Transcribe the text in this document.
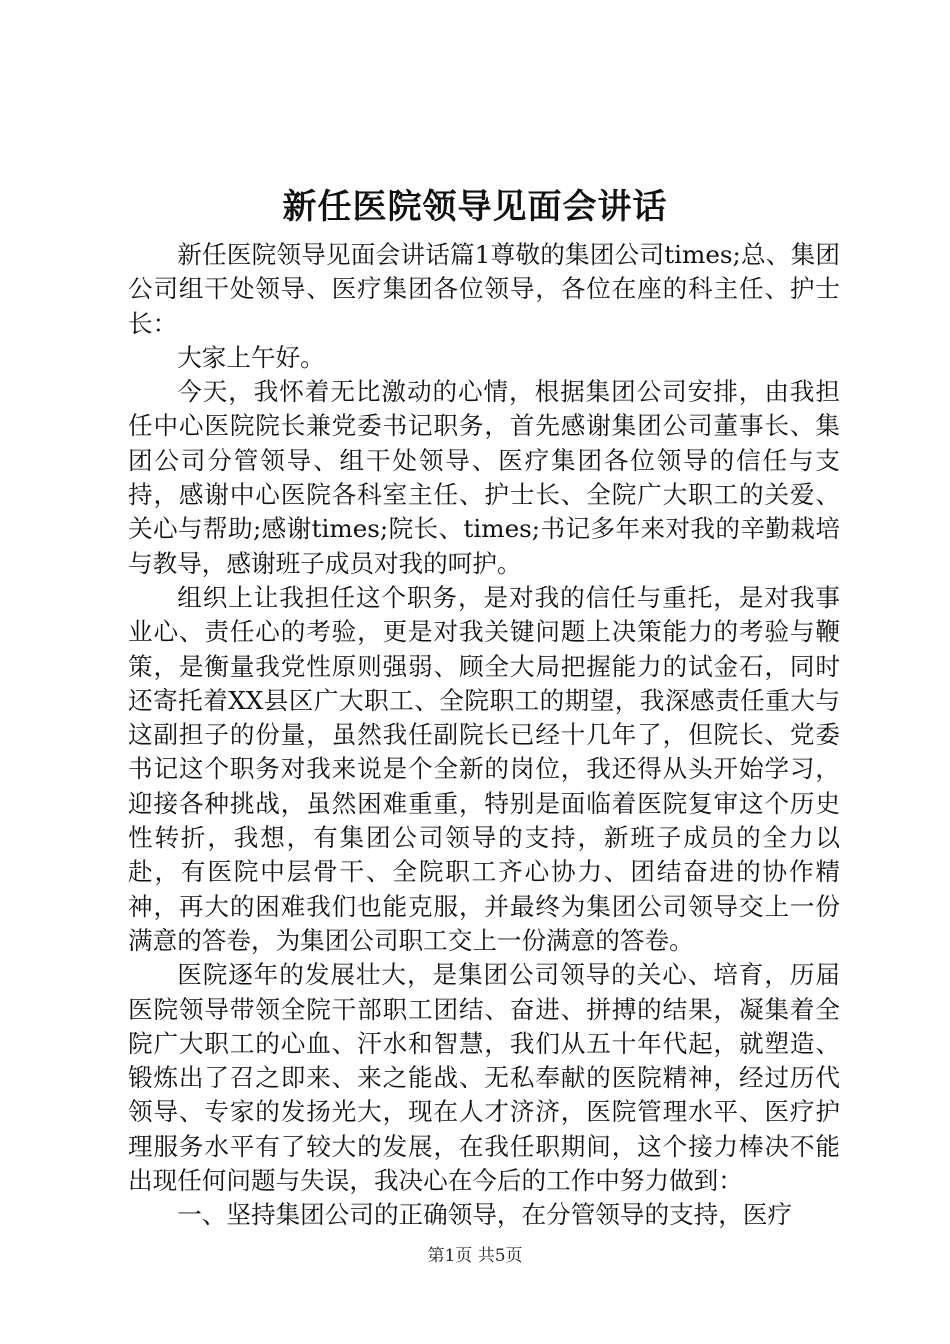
新任医院领导见面会讲话

新任医院领导见面会讲话篇1尊敬的集团公司times;总、集团公司组干处领导、医疗集团各位领导，各位在座的科主任、护士长：

大家上午好。

今天，我怀着无比激动的心情，根据集团公司安排，由我担任中心医院院长兼党委书记职务，首先感谢集团公司董事长、集团公司分管领导、组干处领导、医疗集团各位领导的信任与支持，感谢中心医院各科室主任、护士长、全院广大职工的关爱、关心与帮助;感谢times;院长、times;书记多年来对我的辛勤栽培与教导，感谢班子成员对我的呵护。

组织上让我担任这个职务，是对我的信任与重托，是对我事业心、责任心的考验，更是对我关键问题上决策能力的考验与鞭策，是衡量我党性原则强弱、顾全大局把握能力的试金石，同时还寄托着XX县区广大职工、全院职工的期望，我深感责任重大与这副担子的份量，虽然我任副院长已经十几年了，但院长、党委书记这个职务对我来说是个全新的岗位，我还得从头开始学习，迎接各种挑战，虽然困难重重，特别是面临着医院复审这个历史性转折，我想，有集团公司领导的支持，新班子成员的全力以赴，有医院中层骨干、全院职工齐心协力、团结奋进的协作精神，再大的困难我们也能克服，并最终为集团公司领导交上一份满意的答卷，为集团公司职工交上一份满意的答卷。

医院逐年的发展壮大，是集团公司领导的关心、培育，历届医院领导带领全院干部职工团结、奋进、拼搏的结果，凝集着全院广大职工的心血、汗水和智慧，我们从五十年代起，就塑造、锻炼出了召之即来、来之能战、无私奉献的医院精神，经过历代领导、专家的发扬光大，现在人才济济，医院管理水平、医疗护理服务水平有了较大的发展，在我任职期间，这个接力棒决不能出现任何问题与失误，我决心在今后的工作中努力做到：

一、坚持集团公司的正确领导，在分管领导的支持，医疗

第1页 共5页
